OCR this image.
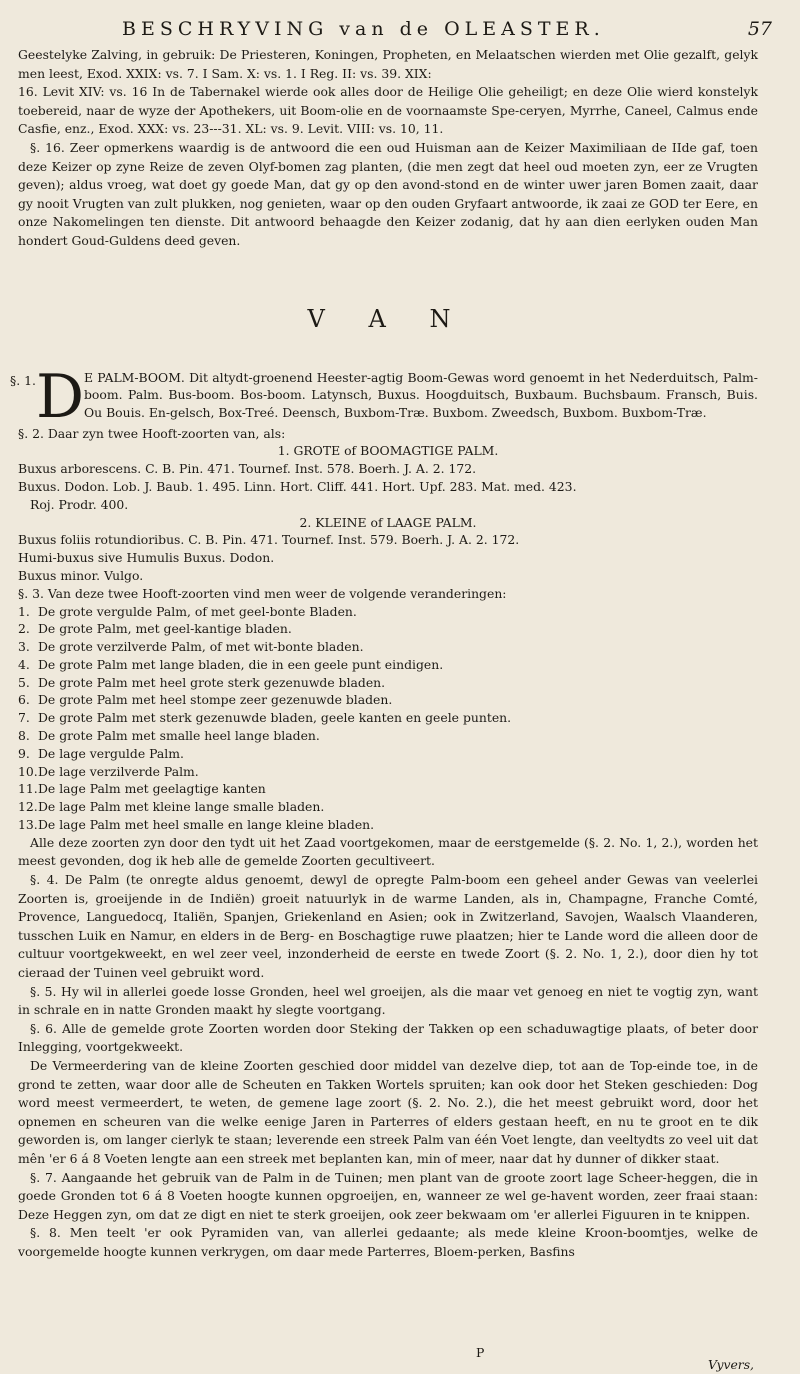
BESCHRYVING van de OLEASTER.	57

Geestelyke Zalving, in gebruik: De Priesteren, Koningen, Propheten, en Melaatschen wierden met Olie gezalft, gelyk men leest, Exod. XXIX: vs. 7. I Sam. X: vs. 1. I Reg. II: vs. 39. XIX:

16. Levit XIV: vs. 16 In de Tabernakel wierde ook alles door de Heilige Olie geheiligt; en deze Olie wierd konstelyk toebereid, naar de wyze der Apothekers, uit Boom-olie en de voornaamste Spe-ceryen, Myrrhe, Caneel, Calmus ende Casfie, enz., Exod. XXX: vs. 23---31. XL: vs. 9. Levit. VIII: vs. 10, 11.

§. 16. Zeer opmerkens waardig is de antwoord die een oud Huisman aan de Keizer Maximiliaan de IIde gaf, toen deze Keizer op zyne Reize de zeven Olyf-bomen zag planten, (die men zegt dat heel oud moeten zyn, eer ze Vrugten geven); aldus vroeg, wat doet gy goede Man, dat gy op den avond-stond en de winter uwer jaren Bomen zaait, daar gy nooit Vrugten van zult plukken, nog genieten, waar op den ouden Gryfaart antwoorde, ik zaai ze GOD ter Eere, en onze Nakomelingen ten dienste. Dit antwoord behaagde den Keizer zodanig, dat hy aan dien eerlyken ouden Man hondert Goud-Guldens deed geven.

V A N
§. 1. D E PALM-BOOM. Dit altydt-groenend Heester-agtig Boom-Gewas word genoemt in het Nederduitsch, Palm-boom. Palm. Bus-boom. Bos-boom. Latynsch, Buxus. Hoogduitsch, Buxbaum. Buchsbaum. Fransch, Buis. Ou Bouis. En-gelsch, Box-Treé. Deensch, Buxbom-Træ. Buxbom. Zweedsch, Buxbom. Buxbom-Træ.

§. 2. Daar zyn twee Hooft-zoorten van, als:

1. GROTE of BOOMAGTIGE PALM.

Buxus arborescens. C. B. Pin. 471. Tournef. Inst. 578. Boerh. J. A. 2. 172.

Buxus. Dodon. Lob. J. Baub. 1. 495. Linn. Hort. Cliff. 441. Hort. Upf. 283. Mat. med. 423.

Roj. Prodr. 400.

2. KLEINE of LAAGE PALM.

Buxus foliis rotundioribus. C. B. Pin. 471. Tournef. Inst. 579. Boerh. J. A. 2. 172.

Humi-buxus sive Humulis Buxus. Dodon.

Buxus minor. Vulgo.

§. 3. Van deze twee Hooft-zoorten vind men weer de volgende veranderingen:

1. De grote vergulde Palm, of met geel-bonte Bladen.

2. De grote Palm, met geel-kantige bladen.

3. De grote verzilverde Palm, of met wit-bonte bladen.

4. De grote Palm met lange bladen, die in een geele punt eindigen.

5. De grote Palm met heel grote sterk gezenuwde bladen.

6. De grote Palm met heel stompe zeer gezenuwde bladen.

7. De grote Palm met sterk gezenuwde bladen, geele kanten en geele punten.

8. De grote Palm met smalle heel lange bladen.

9. De lage vergulde Palm.

10.De lage verzilverde Palm.

11.De lage Palm met geelagtige kanten

12.De lage Palm met kleine lange smalle bladen.

13.De lage Palm met heel smalle en lange kleine bladen.

Alle deze zoorten zyn door den tydt uit het Zaad voortgekomen, maar de eerstgemelde (§. 2. No. 1, 2.), worden het meest gevonden, dog ik heb alle de gemelde Zoorten gecultiveert.

§. 4. De Palm (te onregte aldus genoemt, dewyl de opregte Palm-boom een geheel ander Gewas van veelerlei Zoorten is, groeijende in de Indiën) groeit natuurlyk in de warme Landen, als in, Champagne, Franche Comté, Provence, Languedocq, Italiën, Spanjen, Griekenland en Asien; ook in Zwitzerland, Savojen, Waalsch Vlaanderen, tusschen Luik en Namur, en elders in de Berg- en Boschagtige ruwe plaatzen; hier te Lande word die alleen door de cultuur voortgekweekt, en wel zeer veel, inzonderheid de eerste en twede Zoort (§. 2. No. 1, 2.), door dien hy tot cieraad der Tuinen veel gebruikt word.

§. 5. Hy wil in allerlei goede losse Gronden, heel wel groeijen, als die maar vet genoeg en niet te vogtig zyn, want in schrale en in natte Gronden maakt hy slegte voortgang.

§. 6. Alle de gemelde grote Zoorten worden door Steking der Takken op een schaduwagtige plaats, of beter door Inlegging, voortgekweekt.

De Vermeerdering van de kleine Zoorten geschied door middel van dezelve diep, tot aan de Top-einde toe, in de grond te zetten, waar door alle de Scheuten en Takken Wortels spruiten; kan ook door het Steken geschieden: Dog word meest vermeerdert, te weten, de gemene lage zoort (§. 2. No. 2.), die het meest gebruikt word, door het opnemen en scheuren van die welke eenige Jaren in Parterres of elders gestaan heeft, en nu te groot en te dik geworden is, om langer cierlyk te staan; leverende een streek Palm van één Voet lengte, dan veeltydts zo veel uit dat mên 'er 6 á 8 Voeten lengte aan een streek met beplanten kan, min of meer, naar dat hy dunner of dikker staat.

§. 7. Aangaande het gebruik van de Palm in de Tuinen; men plant van de groote zoort lage Scheer-heggen, die in goede Gronden tot 6 á 8 Voeten hoogte kunnen opgroeijen, en, wanneer ze wel ge-havent worden, zeer fraai staan: Deze Heggen zyn, om dat ze digt en niet te sterk groeijen, ook zeer bekwaam om 'er allerlei Figuuren in te knippen.

§. 8. Men teelt 'er ook Pyramiden van, van allerlei gedaante; als mede kleine Kroon-boomtjes, welke de voorgemelde hoogte kunnen verkrygen, om daar mede Parterres, Bloem-perken, Basfins

P
Vyvers,
